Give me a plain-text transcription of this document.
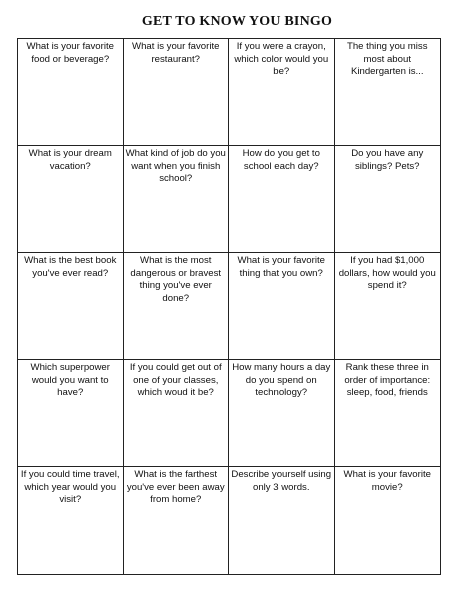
GET TO KNOW YOU BINGO
What is your favorite food or beverage?
What is your favorite restaurant?
If you were a crayon, which color would you be?
The thing you miss most about Kindergarten is...
What is your dream vacation?
What kind of job do you want when you finish school?
How do you get to school each day?
Do you have any siblings? Pets?
What is the best book you've ever read?
What is the most dangerous or bravest thing you've ever done?
What is your favorite thing that you own?
If you had $1,000 dollars, how would you spend it?
Which superpower would you want to have?
If you could get out of one of your classes, which woud it be?
How many hours a day do you spend on technology?
Rank these three in order of importance: sleep, food, friends
If you could time travel, which year would you visit?
What is the farthest you've ever been away from home?
Describe yourself using only 3 words.
What is your favorite movie?
